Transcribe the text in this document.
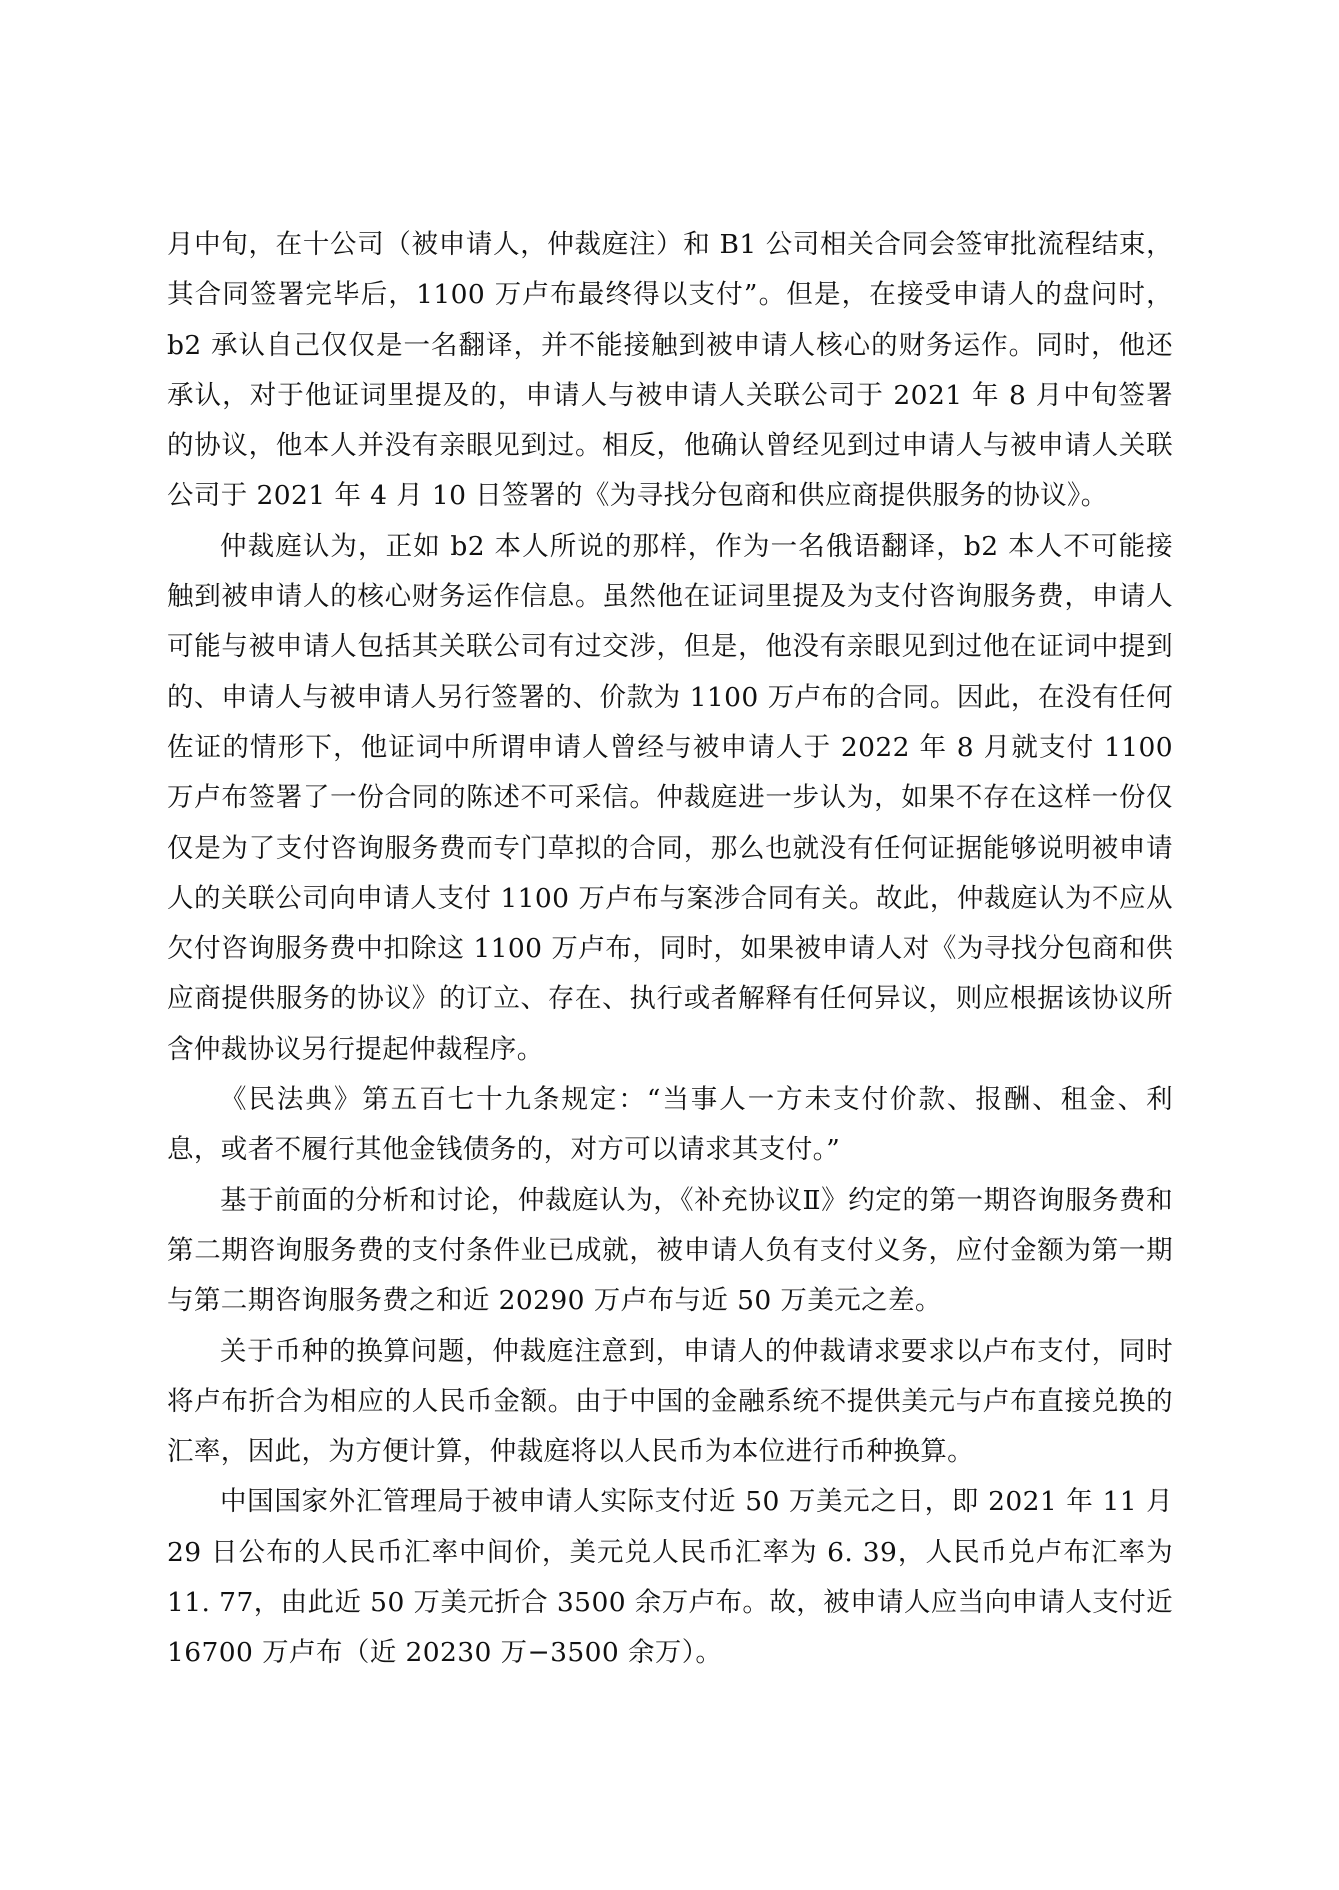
月中旬，在十公司（被申请人，仲裁庭注）和 B1 公司相关合同会签审批流程结束，其合同签署完毕后，1100 万卢布最终得以支付”。但是，在接受申请人的盘问时，b2 承认自己仅仅是一名翻译，并不能接触到被申请人核心的财务运作。同时，他还承认，对于他证词里提及的，申请人与被申请人关联公司于 2021 年 8 月中旬签署的协议，他本人并没有亲眼见到过。相反，他确认曾经见到过申请人与被申请人关联公司于 2021 年 4 月 10 日签署的《为寻找分包商和供应商提供服务的协议》。

仲裁庭认为，正如 b2 本人所说的那样，作为一名俄语翻译，b2 本人不可能接触到被申请人的核心财务运作信息。虽然他在证词里提及为支付咨询服务费，申请人可能与被申请人包括其关联公司有过交涉，但是，他没有亲眼见到过他在证词中提到的、申请人与被申请人另行签署的、价款为 1100 万卢布的合同。因此，在没有任何佐证的情形下，他证词中所谓申请人曾经与被申请人于 2022 年 8 月就支付 1100 万卢布签署了一份合同的陈述不可采信。仲裁庭进一步认为，如果不存在这样一份仅仅是为了支付咨询服务费而专门草拟的合同，那么也就没有任何证据能够说明被申请人的关联公司向申请人支付 1100 万卢布与案涉合同有关。故此，仲裁庭认为不应从欠付咨询服务费中扣除这 1100 万卢布，同时，如果被申请人对《为寻找分包商和供应商提供服务的协议》的订立、存在、执行或者解释有任何异议，则应根据该协议所含仲裁协议另行提起仲裁程序。

《民法典》第五百七十九条规定：“当事人一方未支付价款、报酬、租金、利息，或者不履行其他金钱债务的，对方可以请求其支付。”

基于前面的分析和讨论，仲裁庭认为，《补充协议Ⅱ》约定的第一期咨询服务费和第二期咨询服务费的支付条件业已成就，被申请人负有支付义务，应付金额为第一期与第二期咨询服务费之和近 20290 万卢布与近 50 万美元之差。

关于币种的换算问题，仲裁庭注意到，申请人的仲裁请求要求以卢布支付，同时将卢布折合为相应的人民币金额。由于中国的金融系统不提供美元与卢布直接兑换的汇率，因此，为方便计算，仲裁庭将以人民币为本位进行币种换算。

中国国家外汇管理局于被申请人实际支付近 50 万美元之日，即 2021 年 11 月 29 日公布的人民币汇率中间价，美元兑人民币汇率为 6. 39，人民币兑卢布汇率为 11. 77，由此近 50 万美元折合 3500 余万卢布。故，被申请人应当向申请人支付近 16700 万卢布（近 20230 万−3500 余万）。
